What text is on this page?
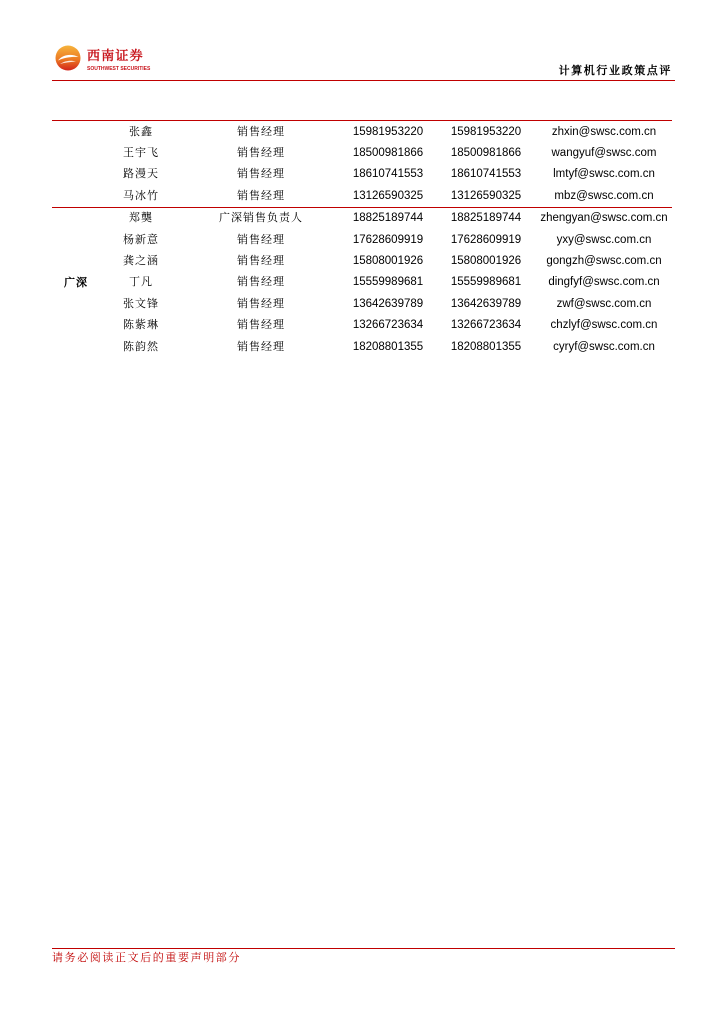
西南证券
SOUTHWEST SECURITIES	计算机行业政策点评
张鑫	销售经理	15981953220	15981953220	zhxin@swsc.com.cn
王宇飞	销售经理	18500981866	18500981866	wangyuf@swsc.com
路漫天	销售经理	18610741553	18610741553	lmtyf@swsc.com.cn
马冰竹	销售经理	13126590325	13126590325	mbz@swsc.com.cn
广深
郑龑	广深销售负责人	18825189744	18825189744	zhengyan@swsc.com.cn
杨新意	销售经理	17628609919	17628609919	yxy@swsc.com.cn
龚之涵	销售经理	15808001926	15808001926	gongzh@swsc.com.cn
丁凡	销售经理	15559989681	15559989681	dingfyf@swsc.com.cn
张文锋	销售经理	13642639789	13642639789	zwf@swsc.com.cn
陈紫琳	销售经理	13266723634	13266723634	chzlyf@swsc.com.cn
陈韵然	销售经理	18208801355	18208801355	cyryf@swsc.com.cn
请务必阅读正文后的重要声明部分
